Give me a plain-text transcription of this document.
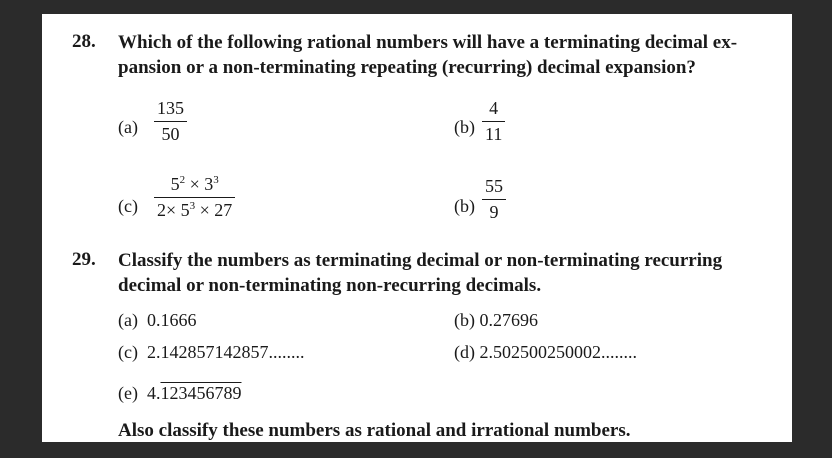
28. Which of the following rational numbers will have a terminating decimal ex-
pansion or a non-terminating repeating (recurring) decimal expansion?
$(a) \frac{135}{50}$	$(b) \frac{4}{11}$
$(c) \frac{5^2 \times 3^3}{2\times 5^3 \times 27}$	$(b) \frac{55}{9}$
29. Classify the numbers as terminating decimal or non-terminating recurring
decimal or non-terminating non-recurring decimals.
(a) 0.1666	(b) 0.27696
(c) 2.142857142857........	(d) 2.502500250002........
(e) 4.123456789
Also classify these numbers as rational and irrational numbers.
